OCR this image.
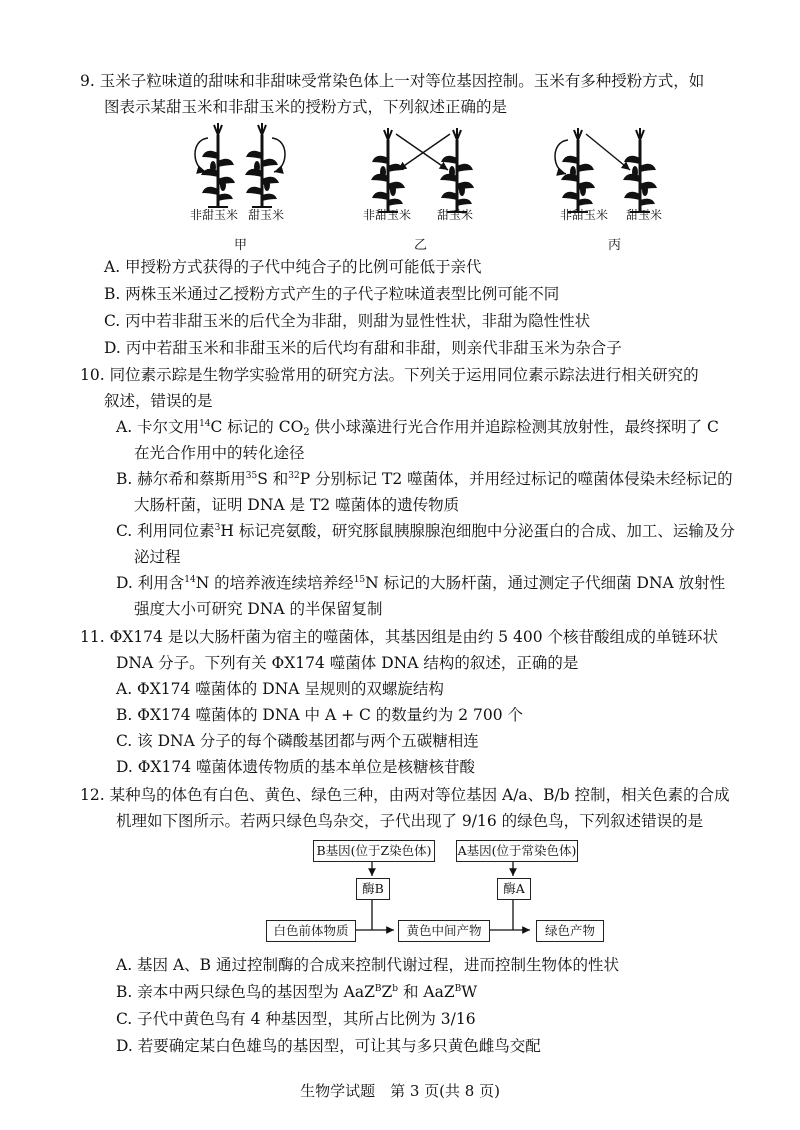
9. 玉米子粒味道的甜味和非甜味受常染色体上一对等位基因控制。玉米有多种授粉方式，如
图表示某甜玉米和非甜玉米的授粉方式，下列叙述正确的是
非甜玉米 甜玉米	非甜玉米 甜玉米	非甜玉米 甜玉米
甲	乙	丙
A. 甲授粉方式获得的子代中纯合子的比例可能低于亲代
B. 两株玉米通过乙授粉方式产生的子代子粒味道表型比例可能不同
C. 丙中若非甜玉米的后代全为非甜，则甜为显性性状，非甜为隐性性状
D. 丙中若甜玉米和非甜玉米的后代均有甜和非甜，则亲代非甜玉米为杂合子
10. 同位素示踪是生物学实验常用的研究方法。下列关于运用同位素示踪法进行相关研究的
叙述，错误的是
A. 卡尔文用$^{14}$C 标记的 $CO_2$ 供小球藻进行光合作用并追踪检测其放射性，最终探明了 C
在光合作用中的转化途径
B. 赫尔希和蔡斯用$^{35}$S 和$^{32}$P 分别标记 T2 噬菌体，并用经过标记的噬菌体侵染未经标记的
大肠杆菌，证明 DNA 是 T2 噬菌体的遗传物质
C. 利用同位素$^3$H 标记亮氨酸，研究豚鼠胰腺腺泡细胞中分泌蛋白的合成、加工、运输及分
泌过程
D. 利用含$^{14}$N 的培养液连续培养经$^{15}$N 标记的大肠杆菌，通过测定子代细菌 DNA 放射性
强度大小可研究 DNA 的半保留复制
11. ΦX174 是以大肠杆菌为宿主的噬菌体，其基因组是由约 5 400 个核苷酸组成的单链环状
DNA 分子。下列有关 ΦX174 噬菌体 DNA 结构的叙述，正确的是
A. ΦX174 噬菌体的 DNA 呈规则的双螺旋结构
B. ΦX174 噬菌体的 DNA 中 A + C 的数量约为 2 700 个
C. 该 DNA 分子的每个磷酸基团都与两个五碳糖相连
D. ΦX174 噬菌体遗传物质的基本单位是核糖核苷酸
12. 某种鸟的体色有白色、黄色、绿色三种，由两对等位基因 A/a、B/b 控制，相关色素的合成
机理如下图所示。若两只绿色鸟杂交，子代出现了 9/16 的绿色鸟，下列叙述错误的是
B基因(位于Z染色体) A基因(位于常染色体)
酶B	酶A
白色前体物质	黄色中间产物	绿色产物
A. 基因 A、B 通过控制酶的合成来控制代谢过程，进而控制生物体的性状
B. 亲本中两只绿色鸟的基因型为 $AaZ^BZ^b$ 和 AaZ$^B$W
C. 子代中黄色鸟有 4 种基因型，其所占比例为 3/16
D. 若要确定某白色雄鸟的基因型，可让其与多只黄色雌鸟交配
生物学试题　第 3 页(共 8 页)
